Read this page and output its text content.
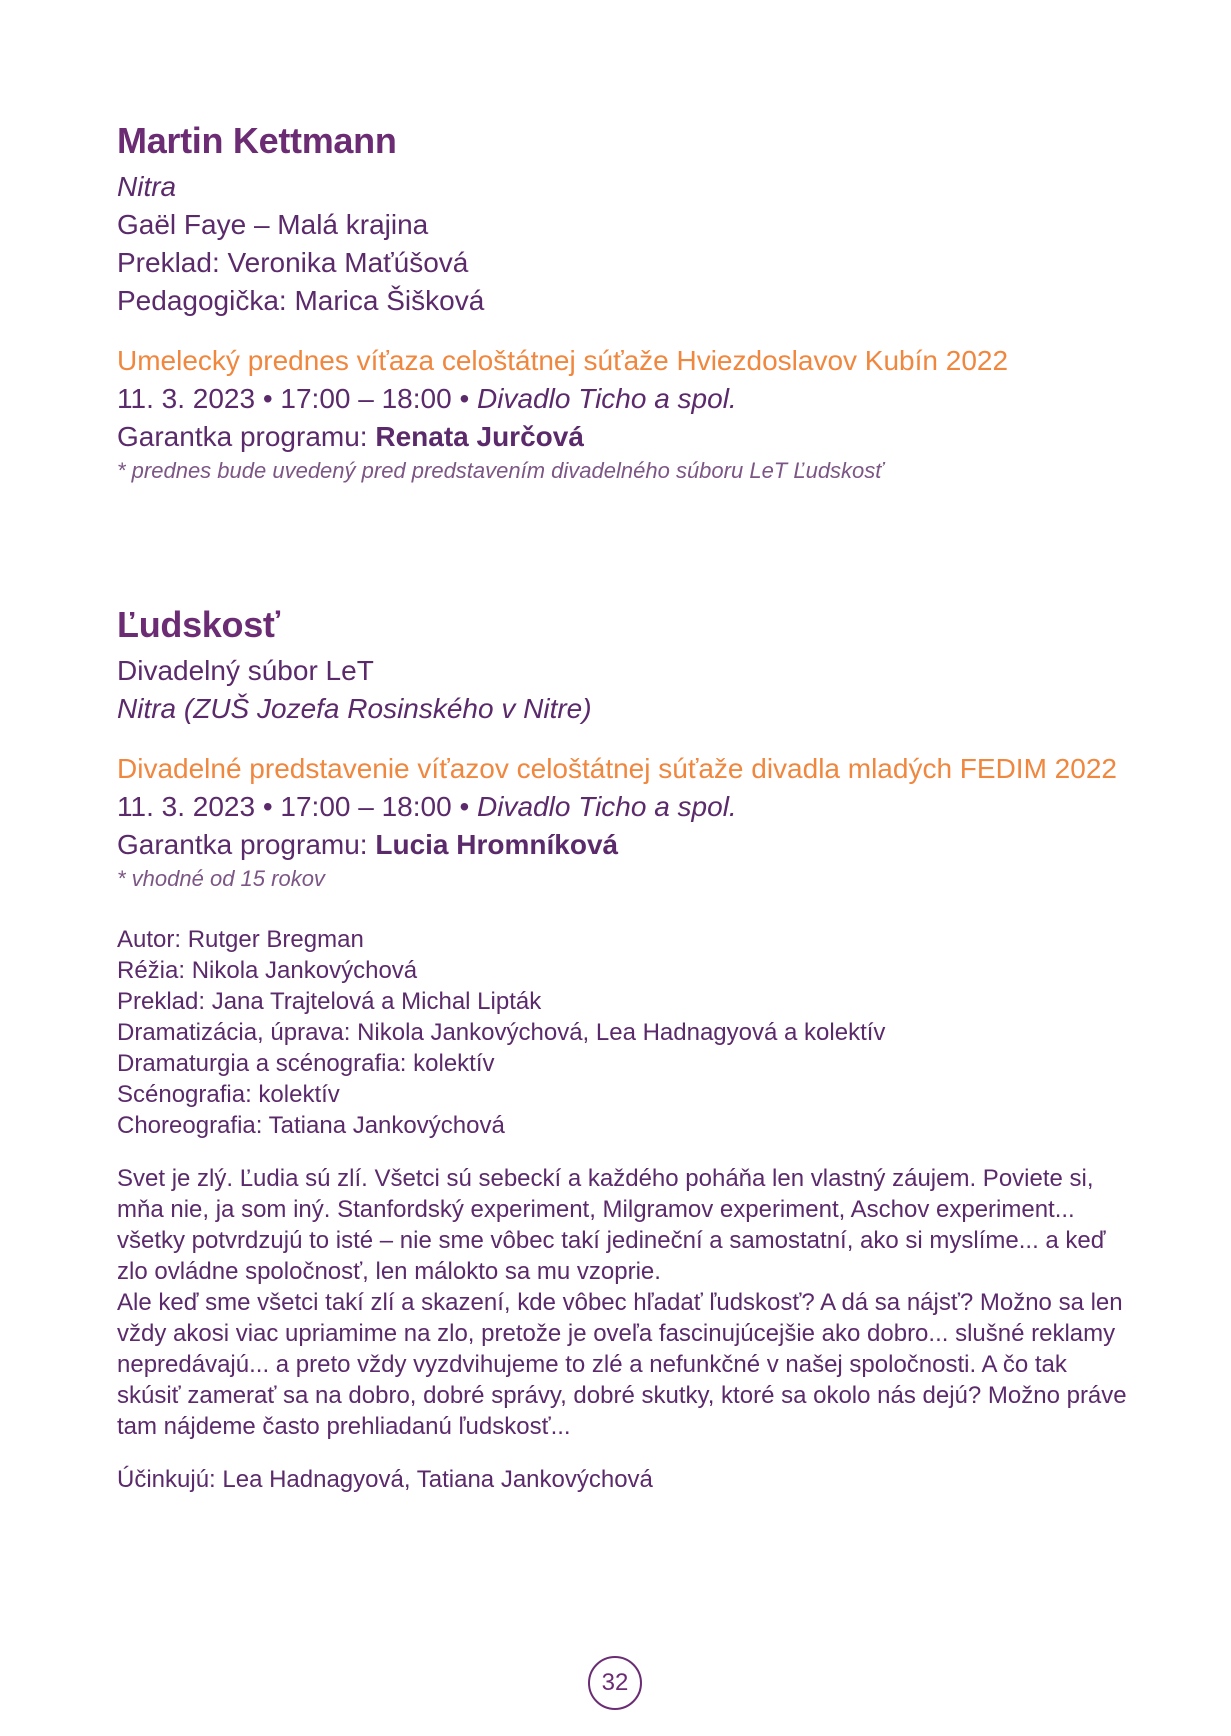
Martin Kettmann
Nitra
Gaël Faye – Malá krajina
Preklad: Veronika Maťúšová
Pedagogička: Marica Šišková
Umelecký prednes víťaza celoštátnej súťaže Hviezdoslavov Kubín 2022
11. 3. 2023 • 17:00 – 18:00 • Divadlo Ticho a spol.
Garantka programu: Renata Jurčová
* prednes bude uvedený pred predstavením divadelného súboru LeT Ľudskosť
Ľudskosť
Divadelný súbor LeT
Nitra (ZUŠ Jozefa Rosinského v Nitre)
Divadelné predstavenie víťazov celoštátnej súťaže divadla mladých FEDIM 2022
11. 3. 2023 • 17:00 – 18:00 • Divadlo Ticho a spol.
Garantka programu: Lucia Hromníková
* vhodné od 15 rokov
Autor: Rutger Bregman
Réžia: Nikola Jankovýchová
Preklad: Jana Trajtelová a Michal Lipták
Dramatizácia, úprava: Nikola Jankovýchová, Lea Hadnagyová a kolektív
Dramaturgia a scénografia: kolektív
Scénografia: kolektív
Choreografia: Tatiana Jankovýchová
Svet je zlý. Ľudia sú zlí. Všetci sú sebeckí a každého poháňa len vlastný záujem. Poviete si, mňa nie, ja som iný. Stanfordský experiment, Milgramov experiment, Aschov experiment... všetky potvrdzujú to isté – nie sme vôbec takí jedineční a samostatní, ako si myslíme... a keď zlo ovládne spoločnosť, len málokto sa mu vzoprie.
Ale keď sme všetci takí zlí a skazení, kde vôbec hľadať ľudskosť? A dá sa nájsť? Možno sa len vždy akosi viac upriamime na zlo, pretože je oveľa fascinujúcejšie ako dobro... slušné reklamy nepredávajú... a preto vždy vyzdvihujeme to zlé a nefunkčné v našej spoločnosti. A čo tak skúsiť zamerať sa na dobro, dobré správy, dobré skutky, ktoré sa okolo nás dejú? Možno práve tam nájdeme často prehliadanú ľudskosť...
Účinkujú: Lea Hadnagyová, Tatiana Jankovýchová
32
